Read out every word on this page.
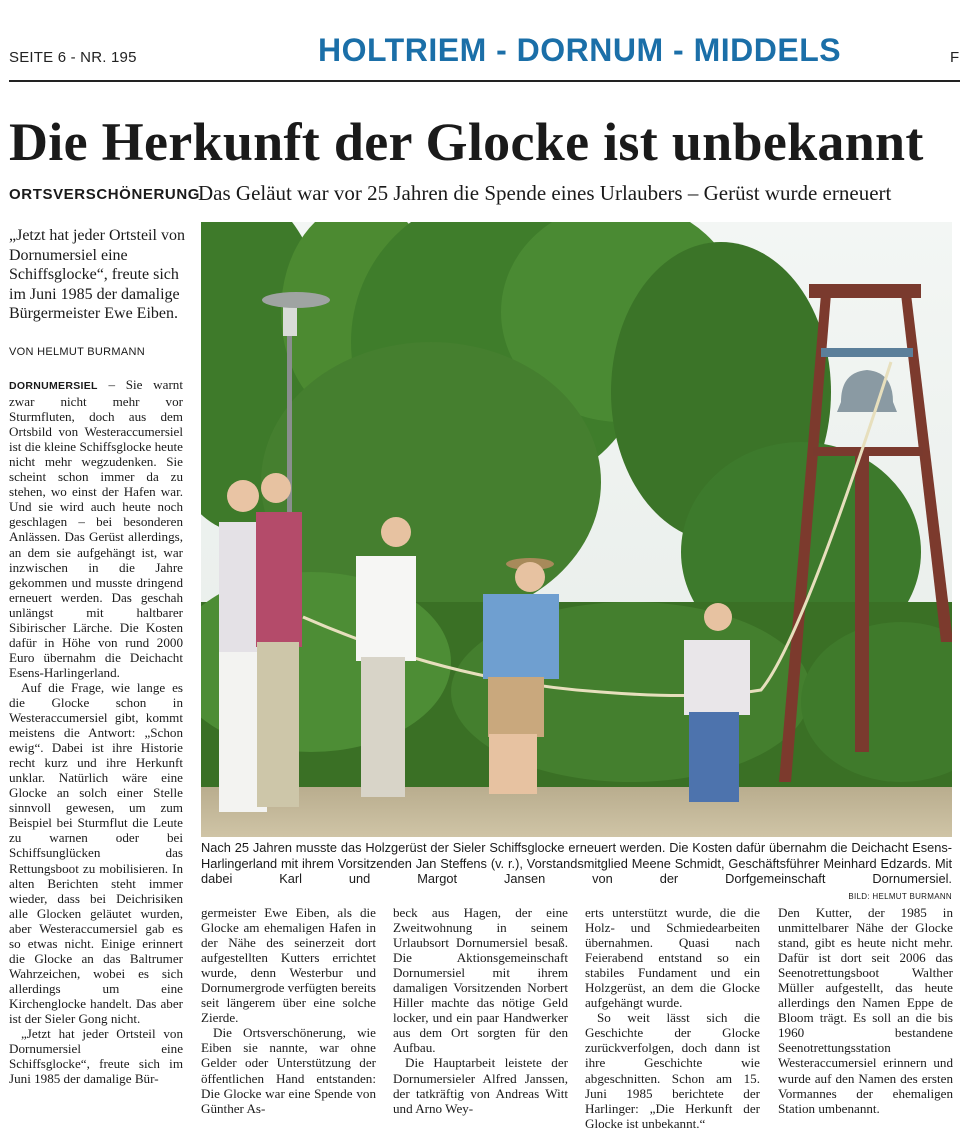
SEITE 6 - NR. 195	HOLTRIEM - DORNUM - MIDDELS	F
Die Herkunft der Glocke ist unbekannt
ORTSVERSCHÖNERUNG
Das Geläut war vor 25 Jahren die Spende eines Urlaubers – Gerüst wurde erneuert
„Jetzt hat jeder Ortsteil von Dornumersiel eine Schiffsglocke“, freute sich im Juni 1985 der damalige Bürgermeister Ewe Eiben.
VON HELMUT BURMANN

DORNUMERSIEL – Sie warnt zwar nicht mehr vor Sturmfluten, doch aus dem Ortsbild von Westeraccumersiel ist die kleine Schiffsglocke heute nicht mehr wegzudenken. Sie scheint schon immer da zu stehen, wo einst der Hafen war. Und sie wird auch heute noch geschlagen – bei besonderen Anlässen. Das Gerüst allerdings, an dem sie aufgehängt ist, war inzwischen in die Jahre gekommen und musste dringend erneuert werden. Das geschah unlängst mit haltbarer Sibirischer Lärche. Die Kosten dafür in Höhe von rund 2000 Euro übernahm die Deichacht Esens-Harlingerland.

Auf die Frage, wie lange es die Glocke schon in Westeraccumersiel gibt, kommt meistens die Antwort: „Schon ewig“. Dabei ist ihre Historie recht kurz und ihre Herkunft unklar. Natürlich wäre eine Glocke an solch einer Stelle sinnvoll gewesen, um zum Beispiel bei Sturmflut die Leute zu warnen oder bei Schiffsunglücken das Rettungsboot zu mobilisieren. In alten Berichten steht immer wieder, dass bei Deichrisiken alle Glocken geläutet wurden, aber Westeraccumersiel gab es so etwas nicht. Einige erinnert die Glocke an das Baltrumer Wahrzeichen, wobei es sich allerdings um eine Kirchenglocke handelt. Das aber ist der Sieler Gong nicht.

„Jetzt hat jeder Ortsteil von Dornumersiel eine Schiffsglocke“, freute sich im Juni 1985 der damalige Bür-

Nach 25 Jahren musste das Holzgerüst der Sieler Schiffsglocke erneuert werden. Die Kosten dafür übernahm die Deichacht Esens-Harlingerland mit ihrem Vorsitzenden Jan Steffens (v. r.), Vorstandsmitglied Meene Schmidt, Geschäftsführer Meinhard Edzards. Mit dabei Karl und Margot Jansen von der Dorfgemeinschaft Dornumersiel. BILD: HELMUT BURMANN

germeister Ewe Eiben, als die Glocke am ehemaligen Hafen in der Nähe des seinerzeit dort aufgestellten Kutters errichtet wurde, denn Westerbur und Dornumergrode verfügten bereits seit längerem über eine solche Zierde.

Die Ortsverschönerung, wie Eiben sie nannte, war ohne Gelder oder Unterstützung der öffentlichen Hand entstanden: Die Glocke war eine Spende von Günther As-

beck aus Hagen, der eine Zweitwohnung in seinem Urlaubsort Dornumersiel besaß. Die Aktionsgemeinschaft Dornumersiel mit ihrem damaligen Vorsitzenden Norbert Hiller machte das nötige Geld locker, und ein paar Handwerker aus dem Ort sorgten für den Aufbau.

Die Hauptarbeit leistete der Dornumersieler Alfred Janssen, der tatkräftig von Andreas Witt und Arno Wey-

erts unterstützt wurde, die die Holz- und Schmiedearbeiten übernahmen. Quasi nach Feierabend entstand so ein stabiles Fundament und ein Holzgerüst, an dem die Glocke aufgehängt wurde.

So weit lässt sich die Geschichte der Glocke zurückverfolgen, doch dann ist ihre Geschichte wie abgeschnitten. Schon am 15. Juni 1985 berichtete der Harlinger: „Die Herkunft der Glocke ist unbekannt.“

Den Kutter, der 1985 in unmittelbarer Nähe der Glocke stand, gibt es heute nicht mehr. Dafür ist dort seit 2006 das Seenotrettungsboot Walther Müller aufgestellt, das heute allerdings den Namen Eppe de Bloom trägt. Es soll an die bis 1960 bestandene Seenotrettungsstation Westeraccumersiel erinnern und wurde auf den Namen des ersten Vormannes der ehemaligen Station umbenannt.
